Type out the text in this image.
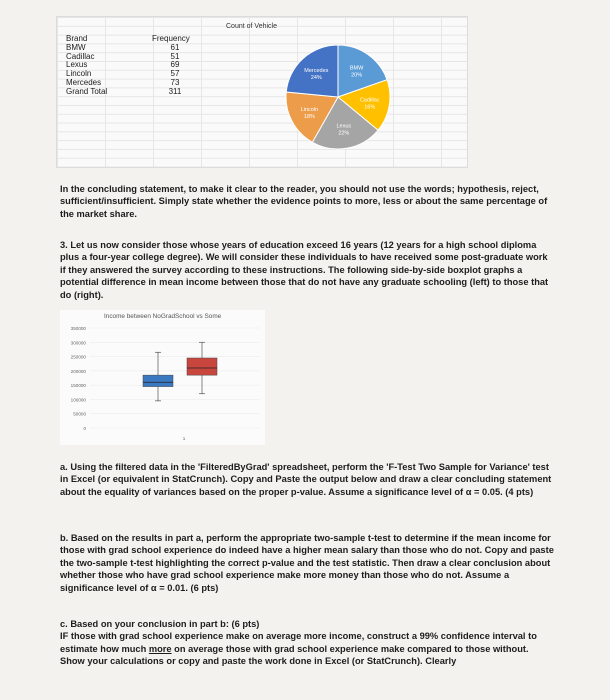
Brand
BMW
Cadillac
Lexus
Lincoln
Mercedes
Grand Total
Frequency
61
51
69
57
73
311
Count of Vehicle
BMW
20%
Cadillac
16%
Lexus
22%
Lincoln
18%
Mercedes
24%

In the concluding statement, to make it clear to the reader, you should not use the words; hypothesis, reject, sufficient/insufficient. Simply state whether the evidence points to more, less or about the same percentage of the market share.

3. Let us now consider those whose years of education exceed 16 years (12 years for a high school diploma plus a four-year college degree). We will consider these individuals to have received some post-graduate work if they answered the survey according to these instructions. The following side-by-side boxplot graphs a potential difference in mean income between those that do not have any graduate schooling (left) to those that do (right).

0
50000
100000
150000
200000
250000
300000
350000
1
Income between NoGradSchool vs Some

a. Using the filtered data in the 'FilteredByGrad' spreadsheet, perform the 'F-Test Two Sample for Variance' test in Excel (or equivalent in StatCrunch). Copy and Paste the output below and draw a clear concluding statement about the equality of variances based on the proper p-value. Assume a significance level of α = 0.05. (4 pts)

b. Based on the results in part a, perform the appropriate two-sample t-test to determine if the mean income for those with grad school experience do indeed have a higher mean salary than those who do not. Copy and paste the two-sample t-test highlighting the correct p-value and the test statistic. Then draw a clear conclusion about whether those who have grad school experience make more money than those who do not. Assume a significance level of α = 0.01. (6 pts)

c. Based on your conclusion in part b: (6 pts)
IF those with grad school experience make on average more income, construct a 99% confidence interval to estimate how much more on average those with grad school experience make compared to those without. Show your calculations or copy and paste the work done in Excel (or StatCrunch). Clearly
